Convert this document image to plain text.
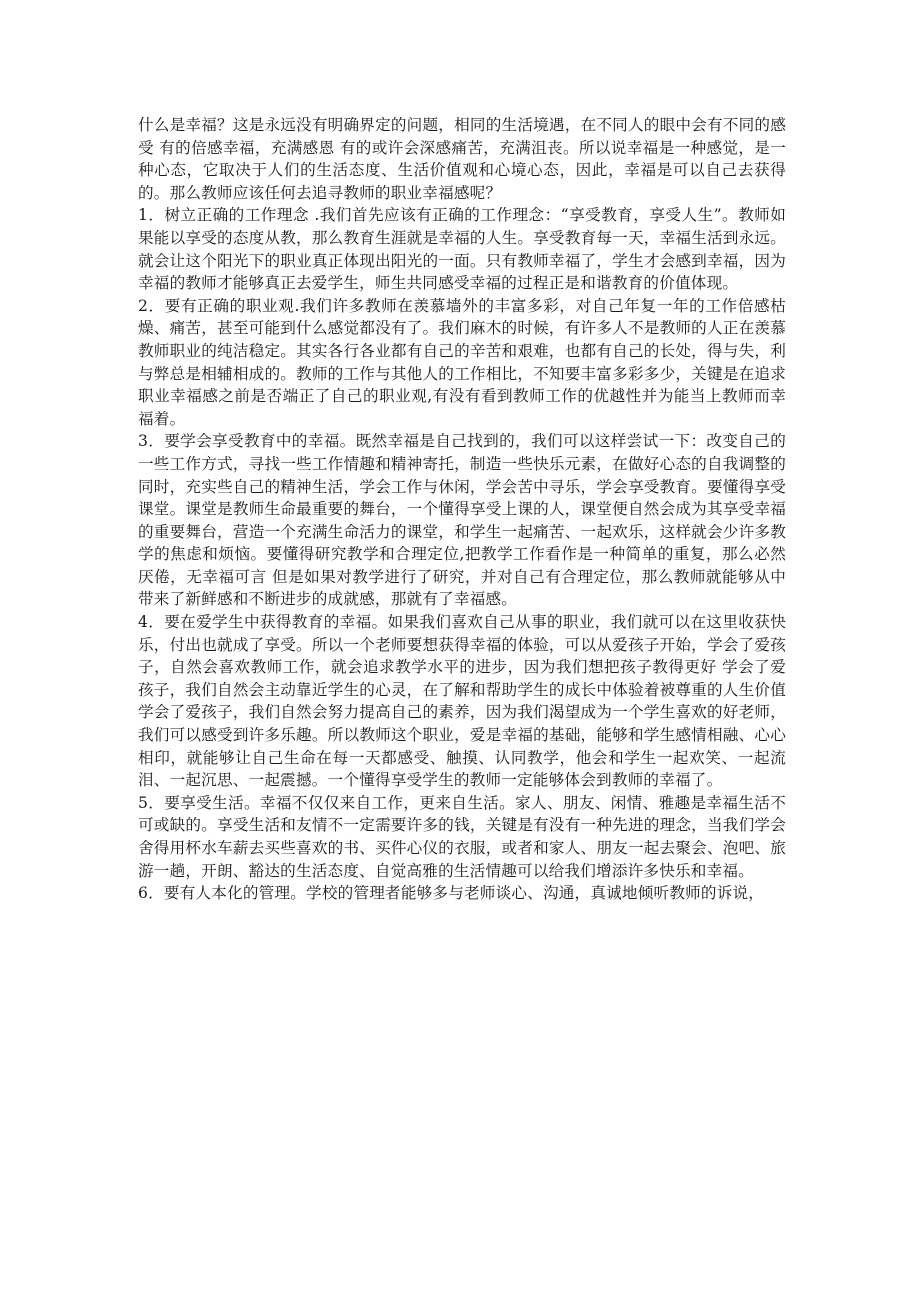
什么是幸福？这是永远没有明确界定的问题，相同的生活境遇，在不同人的眼中会有不同的感受 有的倍感幸福，充满感恩 有的或许会深感痛苦，充满沮丧。所以说幸福是一种感觉，是一种心态，它取决于人们的生活态度、生活价值观和心境心态，因此，幸福是可以自己去获得的。那么教师应该任何去追寻教师的职业幸福感呢？

1．树立正确的工作理念 .我们首先应该有正确的工作理念：“享受教育，享受人生”。教师如果能以享受的态度从教，那么教育生涯就是幸福的人生。享受教育每一天，幸福生活到永远。就会让这个阳光下的职业真正体现出阳光的一面。只有教师幸福了，学生才会感到幸福，因为幸福的教师才能够真正去爱学生，师生共同感受幸福的过程正是和谐教育的价值体现。

2．要有正确的职业观.我们许多教师在羡慕墙外的丰富多彩，对自己年复一年的工作倍感枯燥、痛苦，甚至可能到什么感觉都没有了。我们麻木的时候，有许多人不是教师的人正在羡慕教师职业的纯洁稳定。其实各行各业都有自己的辛苦和艰难，也都有自己的长处，得与失，利与弊总是相辅相成的。教师的工作与其他人的工作相比，不知要丰富多彩多少，关键是在追求职业幸福感之前是否端正了自己的职业观,有没有看到教师工作的优越性并为能当上教师而幸福着。

3．要学会享受教育中的幸福。既然幸福是自己找到的，我们可以这样尝试一下：改变自己的一些工作方式，寻找一些工作情趣和精神寄托，制造一些快乐元素，在做好心态的自我调整的同时，充实些自己的精神生活，学会工作与休闲，学会苦中寻乐，学会享受教育。要懂得享受课堂。课堂是教师生命最重要的舞台，一个懂得享受上课的人，课堂便自然会成为其享受幸福的重要舞台，营造一个充满生命活力的课堂，和学生一起痛苦、一起欢乐，这样就会少许多教学的焦虑和烦恼。要懂得研究教学和合理定位,把教学工作看作是一种简单的重复，那么必然厌倦，无幸福可言 但是如果对教学进行了研究，并对自己有合理定位，那么教师就能够从中带来了新鲜感和不断进步的成就感，那就有了幸福感。

4．要在爱学生中获得教育的幸福。如果我们喜欢自己从事的职业，我们就可以在这里收获快乐，付出也就成了享受。所以一个老师要想获得幸福的体验，可以从爱孩子开始，学会了爱孩子，自然会喜欢教师工作，就会追求教学水平的进步，因为我们想把孩子教得更好 学会了爱孩子，我们自然会主动靠近学生的心灵，在了解和帮助学生的成长中体验着被尊重的人生价值 学会了爱孩子，我们自然会努力提高自己的素养，因为我们渴望成为一个学生喜欢的好老师，我们可以感受到许多乐趣。所以教师这个职业，爱是幸福的基础，能够和学生感情相融、心心相印，就能够让自己生命在每一天都感受、触摸、认同教学，他会和学生一起欢笑、一起流泪、一起沉思、一起震撼。一个懂得享受学生的教师一定能够体会到教师的幸福了。

5．要享受生活。幸福不仅仅来自工作，更来自生活。家人、朋友、闲情、雅趣是幸福生活不可或缺的。享受生活和友情不一定需要许多的钱，关键是有没有一种先进的理念，当我们学会舍得用杯水车薪去买些喜欢的书、买件心仪的衣服，或者和家人、朋友一起去聚会、泡吧、旅游一趟，开朗、豁达的生活态度、自觉高雅的生活情趣可以给我们增添许多快乐和幸福。

6．要有人本化的管理。学校的管理者能够多与老师谈心、沟通，真诚地倾听教师的诉说，
